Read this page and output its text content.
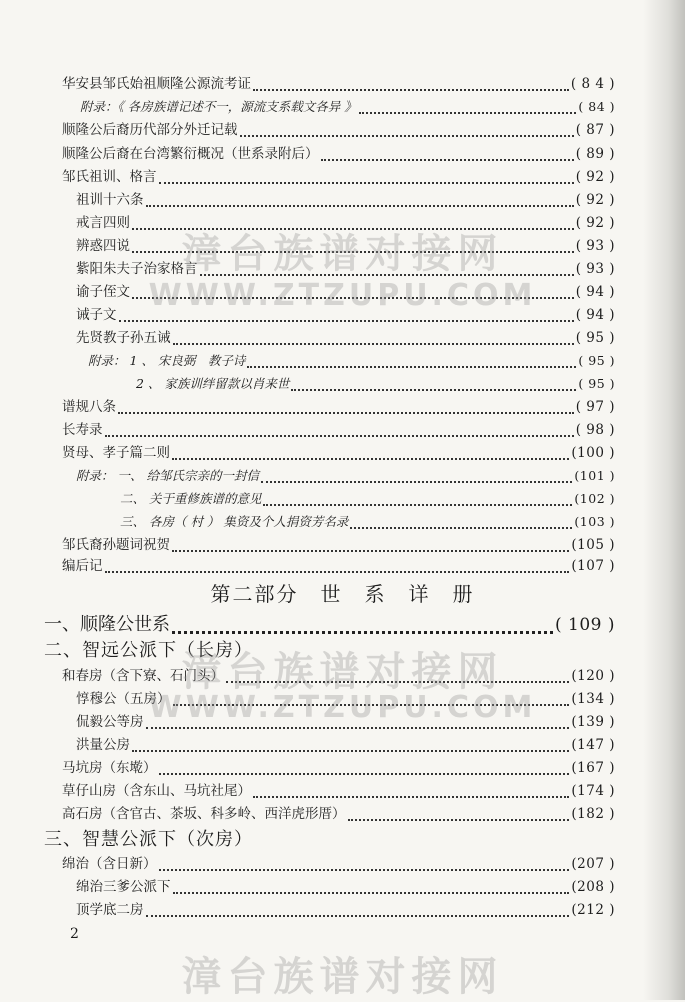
华安县邹氏始祖顺隆公源流考证	( 8 4 )
附录：《 各房族谱记述不一，源流支系载文各异 》	( 84 )
顺隆公后裔历代部分外迁记载	( 87 )
顺隆公后裔在台湾繁衍概况（世系录附后）	( 89 )
邹氏祖训、格言	( 92 )
祖训十六条	( 92 )
戒言四则	( 92 )
辨惑四说	( 93 )
紫阳朱夫子治家格言	( 93 )
谕子侄文	( 94 )
诫子文	( 94 )
先贤教子孙五诫	( 95 )
附录： 1 、 宋良弼　教子诗	( 95 )
2 、 家族训绊留款以肖来世	( 95 )
谱规八条	( 97 )
长寿录	( 98 )
贤母、孝子篇二则	(100 )
附录： 一、 给邹氏宗亲的一封信	(101 )
二、 关于重修族谱的意见	(102 )
三、 各房（ 村 ） 集资及个人捐资芳名录	(103 )
邹氏裔孙题词祝贺	(105 )
编后记	(107 )
第二部分　世　系　详　册
一、顺隆公世系	( 109 )
二、智远公派下（长房）
和春房（含下寮、石门头）	(120 )
惇穆公（五房）	(134 )
侃毅公等房	(139 )
洪量公房	(147 )
马坑房（东墘）	(167 )
草仔山房（含东山、马坑社尾）	(174 )
高石房（含官古、茶坂、科多岭、西洋虎形厝）	(182 )
三、智慧公派下（次房）
绵治（含日新）	(207 )
绵治三爹公派下	(208 )
顶学底二房	(212 )
2
漳台族谱对接网
WWW.ZTZUPU.COM
漳台族谱对接网
WWW.ZTZUPU.COM
漳台族谱对接网
